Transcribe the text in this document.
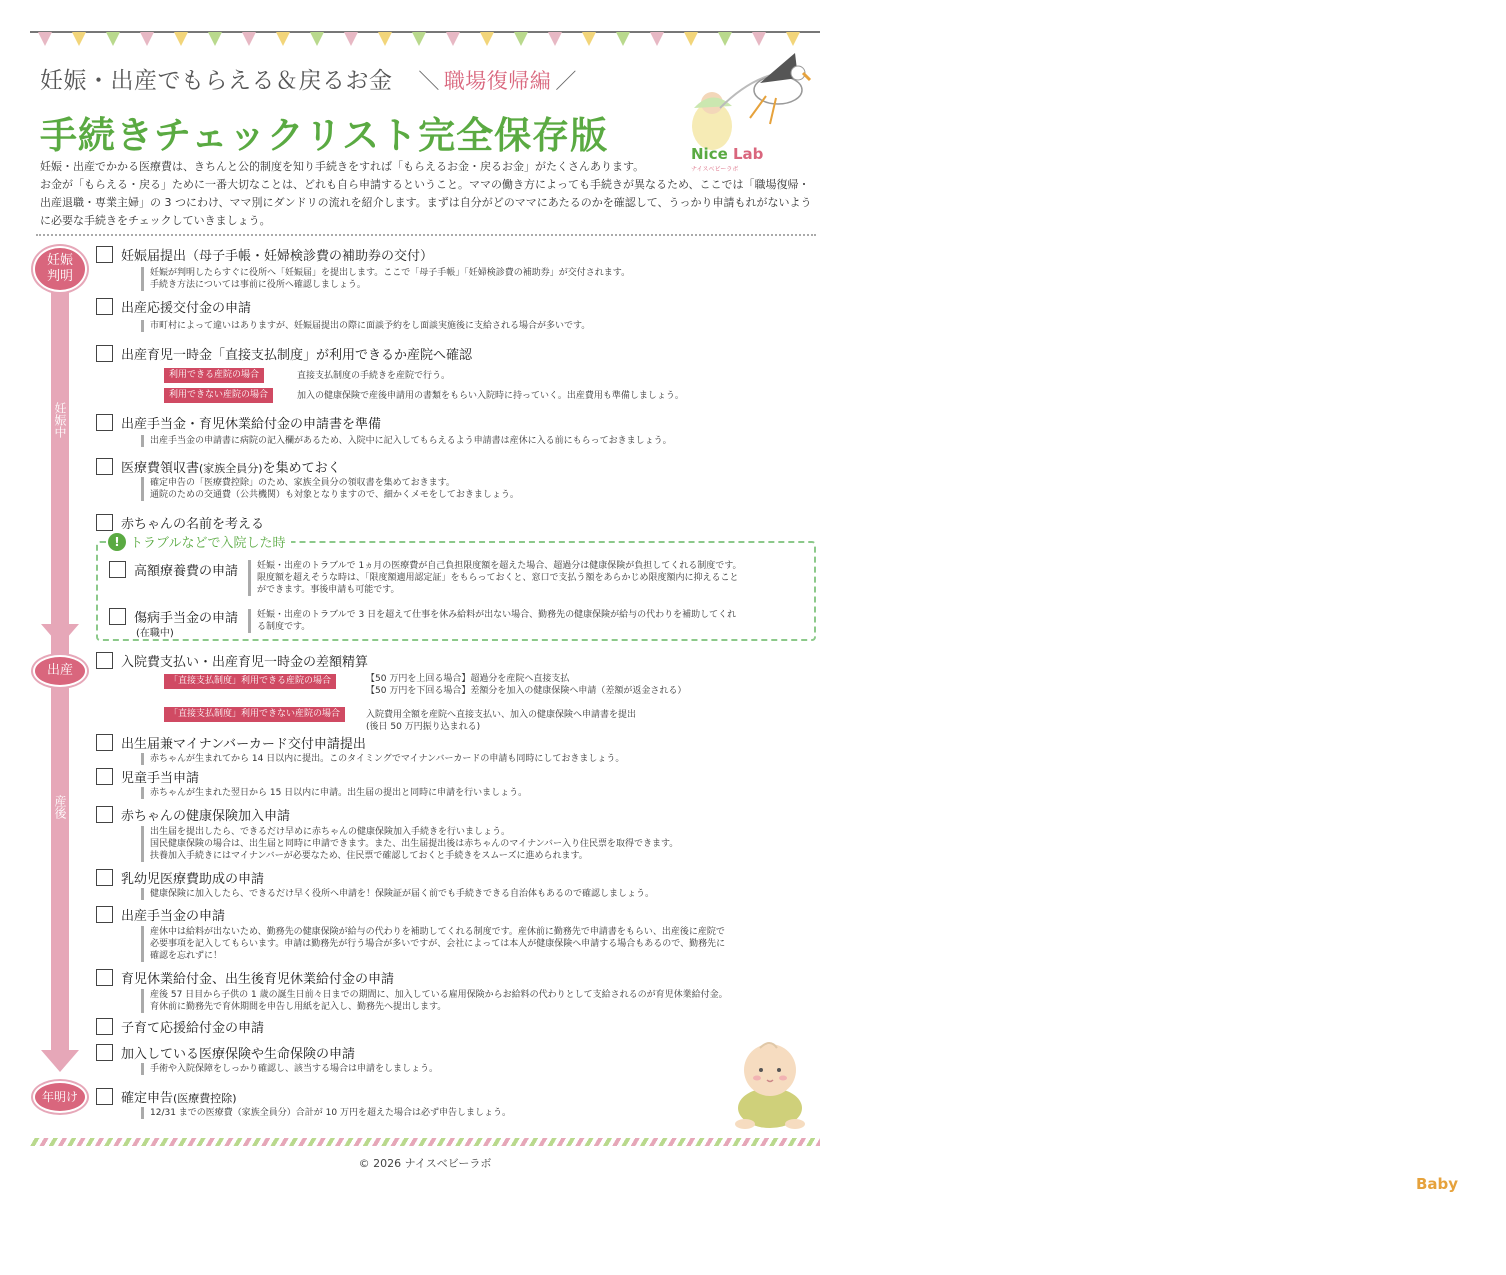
妊娠・出産でもらえる＆戻るお金 ＼ 職場復帰編 ／
手続きチェックリスト完全保存版	Nice
Baby
Lab
ナイスベビーラボ

妊娠・出産でかかる医療費は、きちんと公的制度を知り手続きをすれば「もらえるお金・戻るお金」がたくさんあります。

お金が「もらえる・戻る」ために一番大切なことは、どれも自ら申請するということ。ママの働き方によっても手続きが異なるため、ここでは「職場復帰・

出産退職・専業主婦」の 3 つにわけ、ママ別にダンドリの流れを紹介します。まずは自分がどのママにあたるのかを確認して、うっかり申請もれがないよう

に必要な手続きをチェックしていきましょう。

妊娠
判明
妊娠中
出産
産後
年明け
妊娠届提出（母子手帳・妊婦検診費の補助券の交付）
妊娠が判明したらすぐに役所へ「妊娠届」を提出します。ここで「母子手帳」「妊婦検診費の補助券」が交付されます。
手続き方法については事前に役所へ確認しましょう。
出産応援交付金の申請
市町村によって違いはありますが、妊娠届提出の際に面談予約をし面談実施後に支給される場合が多いです。
出産育児一時金「直接支払制度」が利用できるか産院へ確認
利用できる産院の場合	直接支払制度の手続きを産院で行う。
利用できない産院の場合	加入の健康保険で産後申請用の書類をもらい入院時に持っていく。出産費用も準備しましょう。
出産手当金・育児休業給付金の申請書を準備
出産手当金の申請書に病院の記入欄があるため、入院中に記入してもらえるよう申請書は産休に入る前にもらっておきましょう。
医療費領収書(家族全員分)を集めておく
確定申告の「医療費控除」のため、家族全員分の領収書を集めておきます。
通院のための交通費（公共機関）も対象となりますので、細かくメモをしておきましょう。
赤ちゃんの名前を考える
! トラブルなどで入院した時
高額療養費の申請 妊娠・出産のトラブルで 1ヵ月の医療費が自己負担限度額を超えた場合、超過分は健康保険が負担してくれる制度です。
限度額を超えそうな時は、「限度額適用認定証」をもらっておくと、窓口で支払う額をあらかじめ限度額内に抑えること
ができます。事後申請も可能です。
傷病手当金の申請
(在職中)
妊娠・出産のトラブルで 3 日を超えて仕事を休み給料が出ない場合、勤務先の健康保険が給与の代わりを補助してくれ
る制度です。
入院費支払い・出産育児一時金の差額精算
「直接支払制度」利用できる産院の場合	【50 万円を上回る場合】超過分を産院へ直接支払
【50 万円を下回る場合】差額分を加入の健康保険へ申請（差額が返金される）
「直接支払制度」利用できない産院の場合	入院費用全額を産院へ直接支払い、加入の健康保険へ申請書を提出
(後日 50 万円振り込まれる)
出生届兼マイナンバーカード交付申請提出
赤ちゃんが生まれてから 14 日以内に提出。このタイミングでマイナンバーカードの申請も同時にしておきましょう。
児童手当申請
赤ちゃんが生まれた翌日から 15 日以内に申請。出生届の提出と同時に申請を行いましょう。
赤ちゃんの健康保険加入申請
出生届を提出したら、できるだけ早めに赤ちゃんの健康保険加入手続きを行いましょう。
国民健康保険の場合は、出生届と同時に申請できます。また、出生届提出後は赤ちゃんのマイナンバー入り住民票を取得できます。
扶養加入手続きにはマイナンバーが必要なため、住民票で確認しておくと手続きをスムーズに進められます。
乳幼児医療費助成の申請
健康保険に加入したら、できるだけ早く役所へ申請を！保険証が届く前でも手続きできる自治体もあるので確認しましょう。
出産手当金の申請
産休中は給料が出ないため、勤務先の健康保険が給与の代わりを補助してくれる制度です。産休前に勤務先で申請書をもらい、出産後に産院で
必要事項を記入してもらいます。申請は勤務先が行う場合が多いですが、会社によっては本人が健康保険へ申請する場合もあるので、勤務先に
確認を忘れずに！
育児休業給付金、出生後育児休業給付金の申請
産後 57 日目から子供の 1 歳の誕生日前々日までの期間に、加入している雇用保険からお給料の代わりとして支給されるのが育児休業給付金。
育休前に勤務先で育休期間を申告し用紙を記入し、勤務先へ提出します。
子育て応援給付金の申請
加入している医療保険や生命保険の申請
手術や入院保障をしっかり確認し、該当する場合は申請をしましょう。
確定申告(医療費控除)
12/31 までの医療費（家族全員分）合計が 10 万円を超えた場合は必ず申告しましょう。
© 2026 ナイスベビーラボ
